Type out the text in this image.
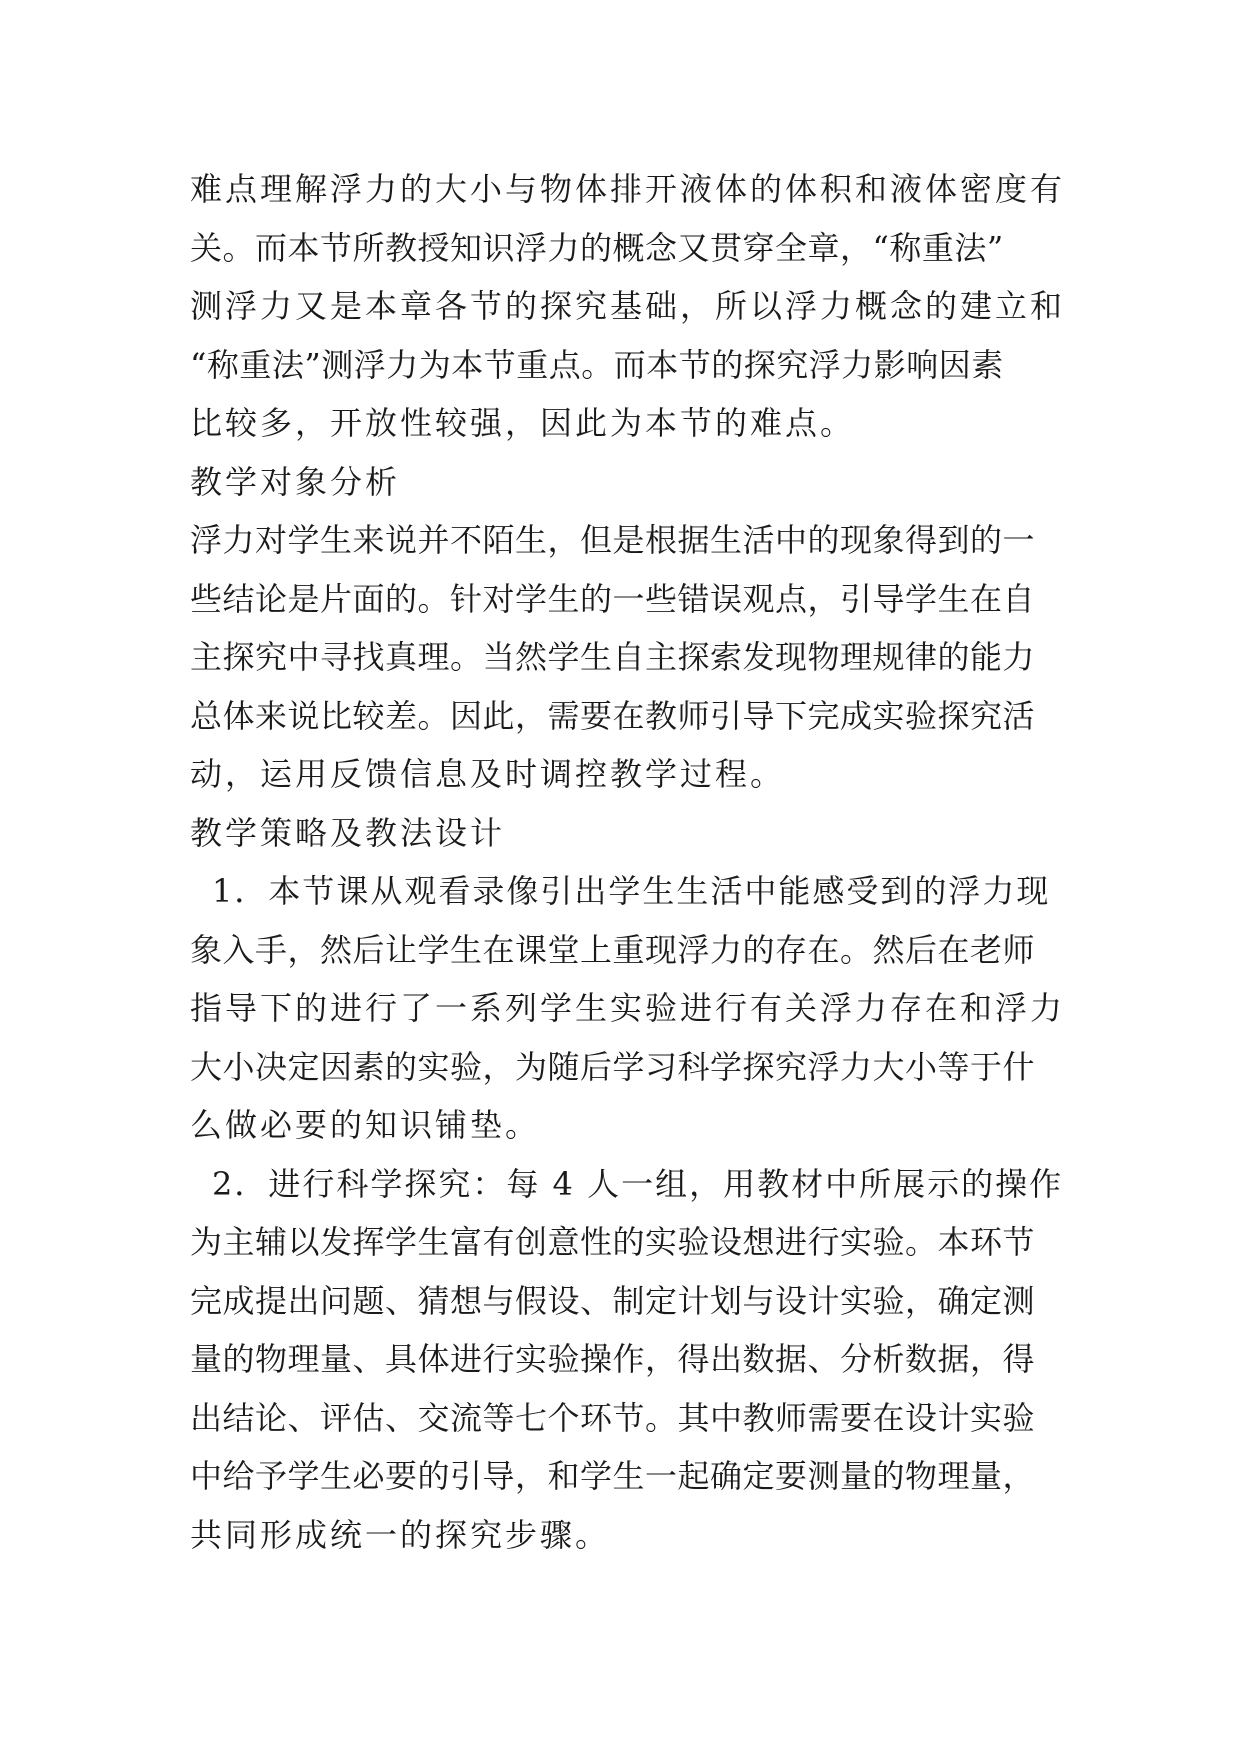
难点理解浮力的大小与物体排开液体的体积和液体密度有
关。而本节所教授知识浮力的概念又贯穿全章，“称重法”
测浮力又是本章各节的探究基础，所以浮力概念的建立和
“称重法”测浮力为本节重点。而本节的探究浮力影响因素
比较多，开放性较强，因此为本节的难点。
教学对象分析
浮力对学生来说并不陌生，但是根据生活中的现象得到的一
些结论是片面的。针对学生的一些错误观点，引导学生在自
主探究中寻找真理。当然学生自主探索发现物理规律的能力
总体来说比较差。因此，需要在教师引导下完成实验探究活
动，运用反馈信息及时调控教学过程。
教学策略及教法设计
1．本节课从观看录像引出学生生活中能感受到的浮力现
象入手，然后让学生在课堂上重现浮力的存在。然后在老师
指导下的进行了一系列学生实验进行有关浮力存在和浮力
大小决定因素的实验，为随后学习科学探究浮力大小等于什
么做必要的知识铺垫。
2．进行科学探究：每 4 人一组，用教材中所展示的操作
为主辅以发挥学生富有创意性的实验设想进行实验。本环节
完成提出问题、猜想与假设、制定计划与设计实验，确定测
量的物理量、具体进行实验操作，得出数据、分析数据，得
出结论、评估、交流等七个环节。其中教师需要在设计实验
中给予学生必要的引导，和学生一起确定要测量的物理量，
共同形成统一的探究步骤。
